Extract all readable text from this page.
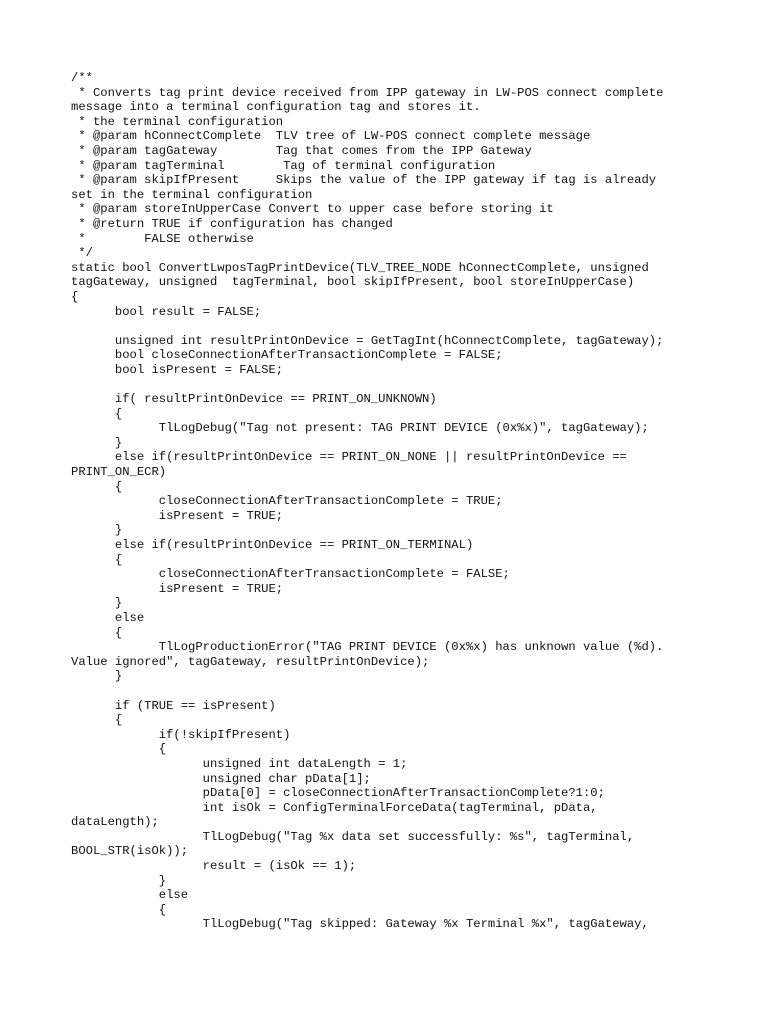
/**
* Converts tag print device received from IPP gateway in LW-POS connect complete
message into a terminal configuration tag and stores it.
* the terminal configuration
* @param hConnectComplete  TLV tree of LW-POS connect complete message
* @param tagGateway        Tag that comes from the IPP Gateway
* @param tagTerminal        Tag of terminal configuration
* @param skipIfPresent     Skips the value of the IPP gateway if tag is already
set in the terminal configuration
* @param storeInUpperCase Convert to upper case before storing it
* @return TRUE if configuration has changed
*        FALSE otherwise
*/
static bool ConvertLwposTagPrintDevice(TLV_TREE_NODE hConnectComplete, unsigned
tagGateway, unsigned  tagTerminal, bool skipIfPresent, bool storeInUpperCase)
{
bool result = FALSE;
unsigned int resultPrintOnDevice = GetTagInt(hConnectComplete, tagGateway);
bool closeConnectionAfterTransactionComplete = FALSE;
bool isPresent = FALSE;
if( resultPrintOnDevice == PRINT_ON_UNKNOWN)
{
TlLogDebug("Tag not present: TAG PRINT DEVICE (0x%x)", tagGateway);
}
else if(resultPrintOnDevice == PRINT_ON_NONE || resultPrintOnDevice ==
PRINT_ON_ECR)
{
closeConnectionAfterTransactionComplete = TRUE;
isPresent = TRUE;
}
else if(resultPrintOnDevice == PRINT_ON_TERMINAL)
{
closeConnectionAfterTransactionComplete = FALSE;
isPresent = TRUE;
}
else
{
TlLogProductionError("TAG PRINT DEVICE (0x%x) has unknown value (%d).
Value ignored", tagGateway, resultPrintOnDevice);
}
if (TRUE == isPresent)
{
if(!skipIfPresent)
{
unsigned int dataLength = 1;
unsigned char pData[1];
pData[0] = closeConnectionAfterTransactionComplete?1:0;
int isOk = ConfigTerminalForceData(tagTerminal, pData,
dataLength);
TlLogDebug("Tag %x data set successfully: %s", tagTerminal,
BOOL_STR(isOk));
result = (isOk == 1);
}
else
{
TlLogDebug("Tag skipped: Gateway %x Terminal %x", tagGateway,
